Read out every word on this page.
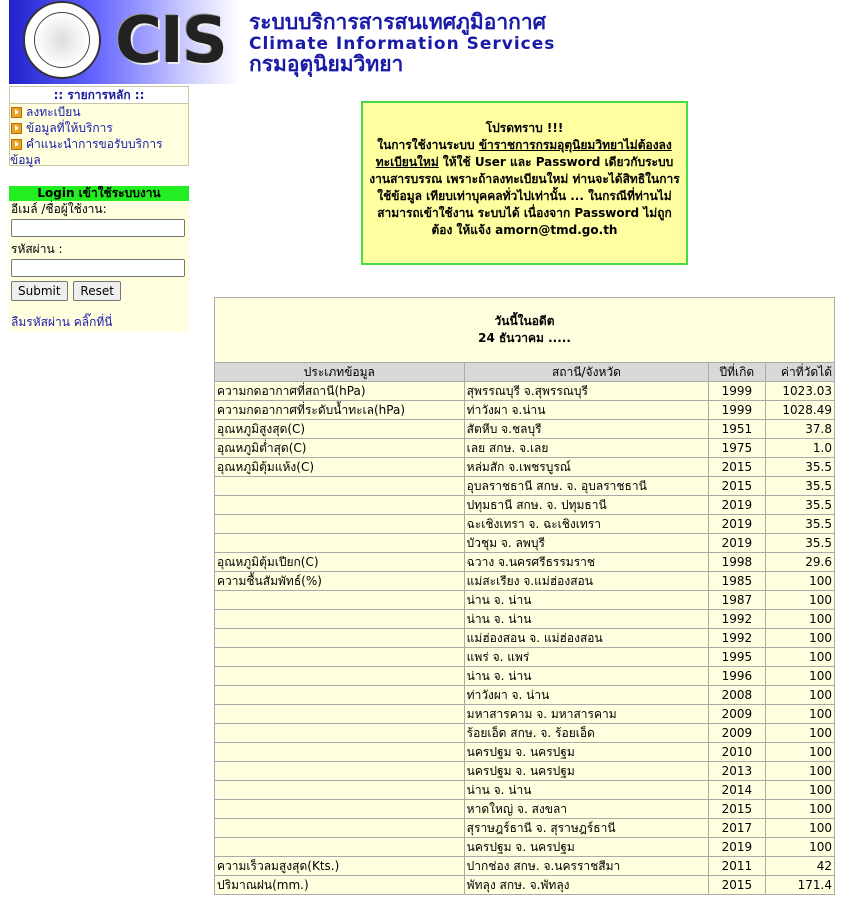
CIS ระบบบริการสารสนเทศภูมิอากาศ
Climate Information Services
กรมอุตุนิยมวิทยา
:: รายการหลัก ::
ลงทะเบียน
ข้อมูลที่ให้บริการ
คำแนะนำการขอรับบริการข้อมูล
Login เข้าใช้ระบบงาน
อีเมล์ /ชื่อผู้ใช้งาน:
รหัสผ่าน :
Submit Reset
ลืมรหัสผ่าน คลิ๊กที่นี่
โปรดทราบ !!!
ในการใช้งานระบบ ข้าราชการกรมอุตุนิยมวิทยาไม่ต้องลงทะเบียนใหม่ ให้ใช้ User และ Password เดียวกับระบบงานสารบรรณ เพราะถ้าลงทะเบียนใหม่ ท่านจะได้สิทธิในการใช้ข้อมูล เทียบเท่าบุคคลทั่วไปเท่านั้น ... ในกรณีที่ท่านไม่สามารถเข้าใช้งาน ระบบได้ เนื่องจาก Password ไม่ถูกต้อง ให้แจ้ง amorn@tmd.go.th
วันนี้ในอดีต
24 ธันวาคม .....			

ประเภทข้อมูล	สถานี/จังหวัด	ปีที่เกิด	ค่าที่วัดได้
ความกดอากาศที่สถานี(hPa)	สุพรรณบุรี จ.สุพรรณบุรี	1999	1023.03
ความกดอากาศที่ระดับน้ำทะเล(hPa)	ท่าวังผา จ.น่าน	1999	1028.49
อุณหภูมิสูงสุด(C)	สัตหีบ จ.ชลบุรี	1951	37.8
อุณหภูมิต่ำสุด(C)	เลย สกษ. จ.เลย	1975	1.0
อุณหภูมิตุ้มแห้ง(C)	หล่มสัก จ.เพชรบูรณ์	2015	35.5
	อุบลราชธานี สกษ. จ. อุบลราชธานี	2015	35.5
	ปทุมธานี สกษ. จ. ปทุมธานี	2019	35.5
	ฉะเชิงเทรา จ. ฉะเชิงเทรา	2019	35.5
	บัวชุม จ. ลพบุรี	2019	35.5
อุณหภูมิตุ้มเปียก(C)	ฉวาง จ.นครศรีธรรมราช	1998	29.6
ความชื้นสัมพัทธ์(%)	แม่สะเรียง จ.แม่ฮ่องสอน	1985	100
	น่าน จ. น่าน	1987	100
	น่าน จ. น่าน	1992	100
	แม่ฮ่องสอน จ. แม่ฮ่องสอน	1992	100
	แพร่ จ. แพร่	1995	100
	น่าน จ. น่าน	1996	100
	ท่าวังผา จ. น่าน	2008	100
	มหาสารคาม จ. มหาสารคาม	2009	100
	ร้อยเอ็ด สกษ. จ. ร้อยเอ็ด	2009	100
	นครปฐม จ. นครปฐม	2010	100
	นครปฐม จ. นครปฐม	2013	100
	น่าน จ. น่าน	2014	100
	หาดใหญ่ จ. สงขลา	2015	100
	สุราษฎร์ธานี จ. สุราษฎร์ธานี	2017	100
	นครปฐม จ. นครปฐม	2019	100
ความเร็วลมสูงสุด(Kts.)	ปากช่อง สกษ. จ.นครราชสีมา	2011	42
ปริมาณฝน(mm.)	พัทลุง สกษ. จ.พัทลุง	2015	171.4
